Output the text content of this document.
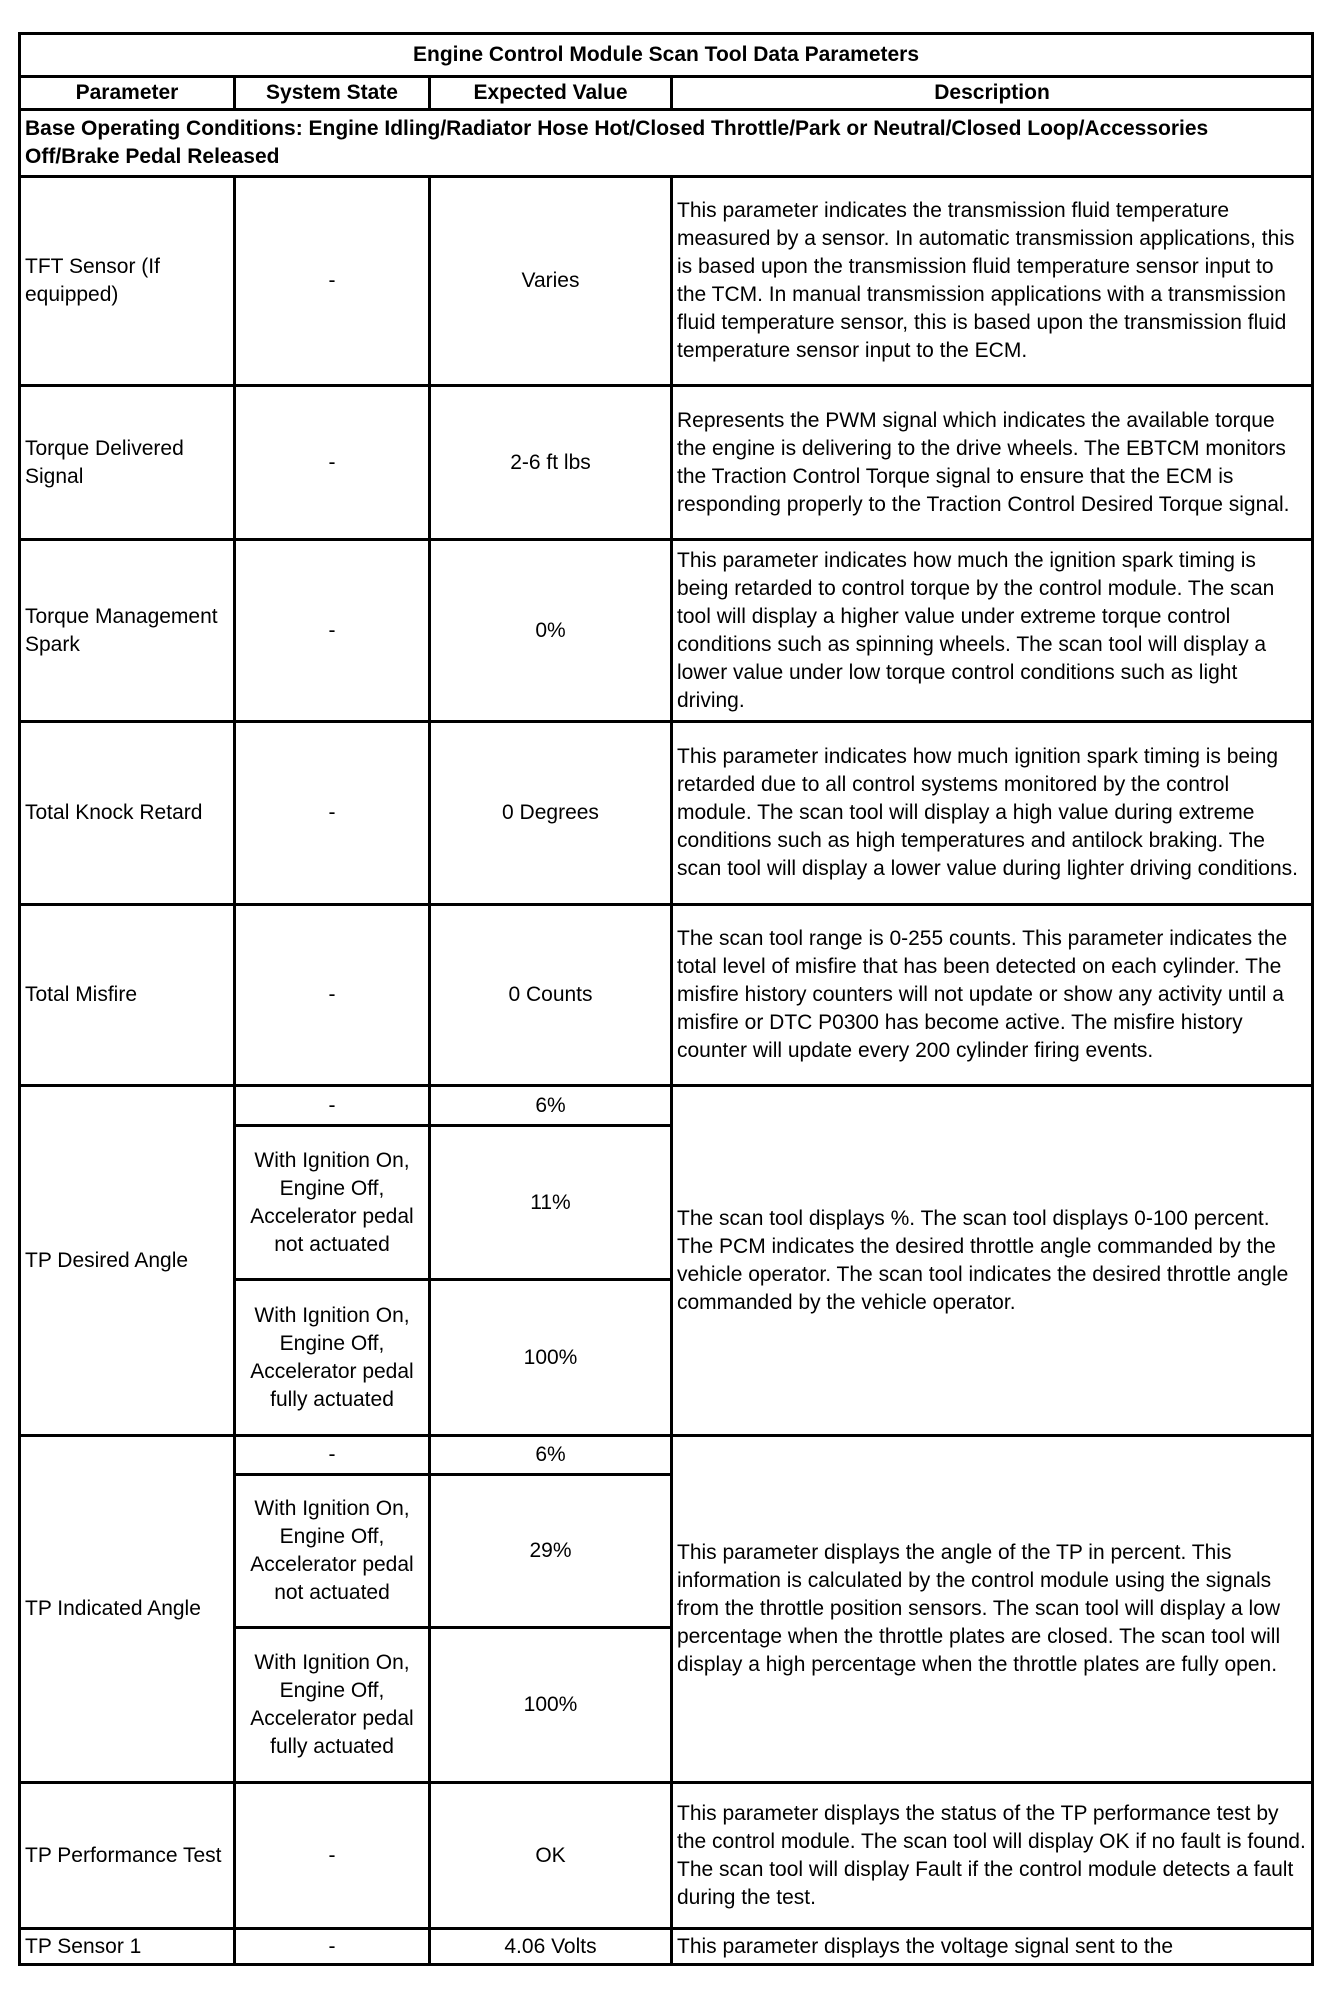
Engine Control Module Scan Tool Data Parameters			
Parameter	System State	Expected Value	Description
Base Operating Conditions: Engine Idling/Radiator Hose Hot/Closed Throttle/Park or Neutral/Closed Loop/Accessories Off/Brake Pedal Released			
TFT Sensor (If equipped)	-	Varies	This parameter indicates the transmission fluid temperature measured by a sensor. In automatic transmission applications, this is based upon the transmission fluid temperature sensor input to the TCM. In manual transmission applications with a transmission fluid temperature sensor, this is based upon the transmission fluid temperature sensor input to the ECM.
Torque Delivered Signal	-	2-6 ft lbs	Represents the PWM signal which indicates the available torque the engine is delivering to the drive wheels. The EBTCM monitors the Traction Control Torque signal to ensure that the ECM is responding properly to the Traction Control Desired Torque signal.
Torque Management Spark	-	0%	This parameter indicates how much the ignition spark timing is being retarded to control torque by the control module. The scan tool will display a higher value under extreme torque control conditions such as spinning wheels. The scan tool will display a lower value under low torque control conditions such as light driving.
Total Knock Retard	-	0 Degrees	This parameter indicates how much ignition spark timing is being retarded due to all control systems monitored by the control module. The scan tool will display a high value during extreme conditions such as high temperatures and antilock braking. The scan tool will display a lower value during lighter driving conditions.
Total Misfire	-	0 Counts	The scan tool range is 0-255 counts. This parameter indicates the total level of misfire that has been detected on each cylinder. The misfire history counters will not update or show any activity until a misfire or DTC P0300 has become active. The misfire history counter will update every 200 cylinder firing events.
TP Desired Angle	-	6%	The scan tool displays %. The scan tool displays 0-100 percent. The PCM indicates the desired throttle angle commanded by the vehicle operator. The scan tool indicates the desired throttle angle commanded by the vehicle operator.
	With Ignition On, Engine Off, Accelerator pedal not actuated	11%	
	With Ignition On, Engine Off, Accelerator pedal fully actuated	100%	
TP Indicated Angle	-	6%	This parameter displays the angle of the TP in percent. This information is calculated by the control module using the signals from the throttle position sensors. The scan tool will display a low percentage when the throttle plates are closed. The scan tool will display a high percentage when the throttle plates are fully open.
	With Ignition On, Engine Off, Accelerator pedal not actuated	29%	
	With Ignition On, Engine Off, Accelerator pedal fully actuated	100%	
TP Performance Test	-	OK	This parameter displays the status of the TP performance test by the control module. The scan tool will display OK if no fault is found. The scan tool will display Fault if the control module detects a fault during the test.
TP Sensor 1	-	4.06 Volts	This parameter displays the voltage signal sent to the
